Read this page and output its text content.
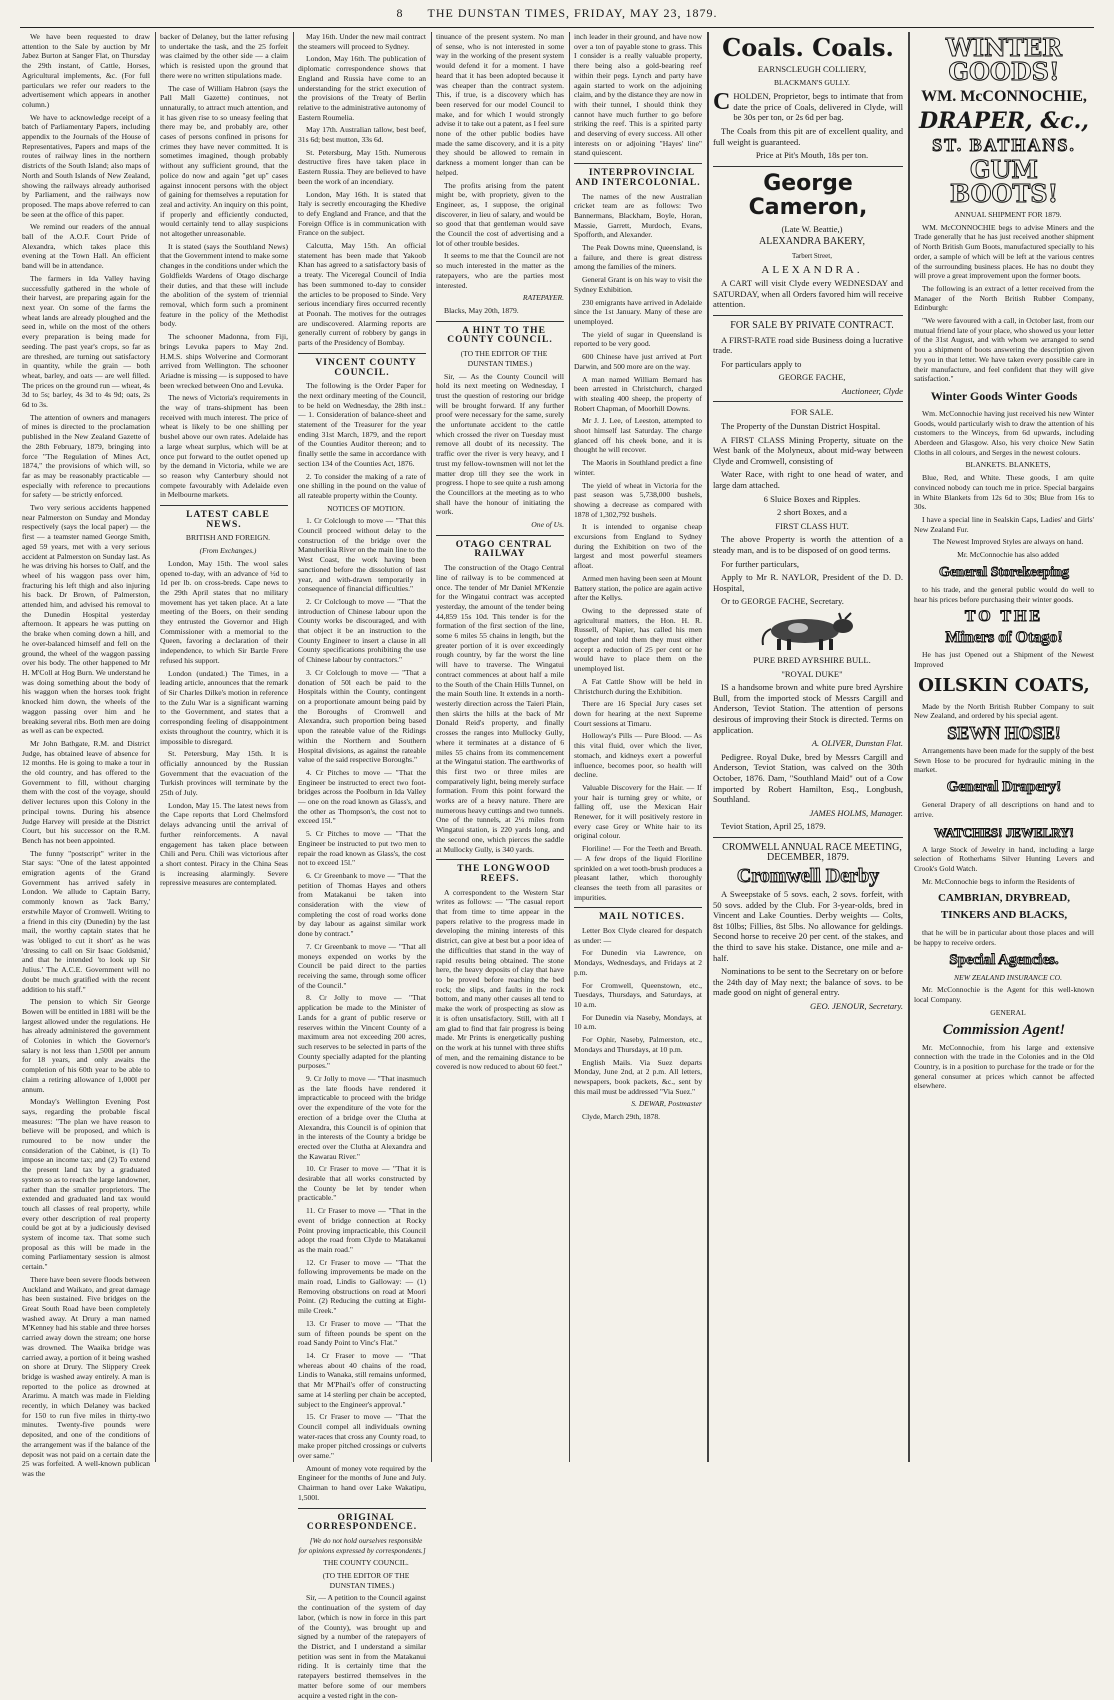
8 THE DUNSTAN TIMES, FRIDAY, MAY 23, 1879.

We have been requested to draw attention to the Sale by auction by Mr Jabez Burton at Sanger Flat, on Thursday the 29th instant, of Cattle, Horses, Agricultural implements, &c. (For full particulars we refer our readers to the advertisement which appears in another column.)

We have to acknowledge receipt of a batch of Parliamentary Papers, including appendix to the Journals of the House of Representatives, Papers and maps of the routes of railway lines in the northern districts of the South Island; also maps of North and South Islands of New Zealand, showing the railways already authorised by Parliament, and the railways now proposed. The maps above referred to can be seen at the office of this paper.

We remind our readers of the annual ball of the A.O.F. Court Pride of Alexandra, which takes place this evening at the Town Hall. An efficient band will be in attendance.

The farmers in Ida Valley having successfully gathered in the whole of their harvest, are preparing again for the next year. On some of the farms the wheat lands are already ploughed and the seed in, while on the most of the others every preparation is being made for seeding. The past year's crops, so far as are threshed, are turning out satisfactory in quantity, while the grain — both wheat, barley, and oats — are well filled. The prices on the ground run — wheat, 4s 3d to 5s; barley, 4s 3d to 4s 9d; oats, 2s 6d to 3s.

The attention of owners and managers of mines is directed to the proclamation published in the New Zealand Gazette of the 28th February, 1879, bringing into force "The Regulation of Mines Act, 1874," the provisions of which will, so far as may be reasonably practicable — especially with reference to precautions for safety — be strictly enforced.

Two very serious accidents happened near Palmerston on Sunday and Monday respectively (says the local paper) — the first — a teamster named George Smith, aged 59 years, met with a very serious accident at Palmerston on Sunday last. As he was driving his horses to Oalf, and the wheel of his waggon pass over him, fracturing his left thigh and also injuring his back. Dr Brown, of Palmerston, attended him, and advised his removal to the Dunedin Hospital yesterday afternoon. It appears he was putting on the brake when coming down a hill, and he over-balanced himself and fell on the ground, the wheel of the waggon passing over his body. The other happened to Mr H. M'Coll at Hog Burn. We understand he was doing something about the body of his waggon when the horses took fright knocked him down, the wheels of the waggon passing over him and he breaking several ribs. Both men are doing as well as can be expected.

Mr John Bathgate, R.M. and District Judge, has obtained leave of absence for 12 months. He is going to make a tour in the old country, and has offered to the Government to fill, without charging them with the cost of the voyage, should deliver lectures upon this Colony in the principal towns. During his absence Judge Harvey will preside at the District Court, but his successor on the R.M. Bench has not been appointed.

The funny "postscript" writer in the Star says: "One of the latest appointed emigration agents of the Grand Government has arrived safely in London. We allude to Captain Barry, commonly known as 'Jack Barry,' erstwhile Mayor of Cromwell. Writing to a friend in this city (Dunedin) by the last mail, the worthy captain states that he was 'obliged to cut it short' as he was 'dressing to call on Sir Isaac Goldsmid,' and that he intended 'to look up Sir Julius.' The A.C.E. Government will no doubt be much gratified with the recent addition to his staff."

The pension to which Sir George Bowen will be entitled in 1881 will be the largest allowed under the regulations. He has already administered the government of Colonies in which the Governor's salary is not less than 1,500l per annum for 18 years, and only awaits the completion of his 60th year to be able to claim a retiring allowance of 1,000l per annum.

Monday's Wellington Evening Post says, regarding the probable fiscal measures: "The plan we have reason to believe will be proposed, and which is rumoured to be now under the consideration of the Cabinet, is (1) To impose an income tax; and (2) To extend the present land tax by a graduated system so as to reach the large landowner, rather than the smaller proprietors. The extended and graduated land tax would touch all classes of real property, while every other description of real property could be got at by a judiciously devised system of income tax. That some such proposal as this will be made in the coming Parliamentary session is almost certain."

There have been severe floods between Auckland and Waikato, and great damage has been sustained. Five bridges on the Great South Road have been completely washed away. At Drury a man named M'Kenney had his stable and three horses carried away down the stream; one horse was drowned. The Waaika bridge was carried away, a portion of it being washed on shore at Drury. The Slippery Creek bridge is washed away entirely. A man is reported to the police as drowned at Ararimu. A match was made in Fielding recently, in which Delaney was backed for 150 to run five miles in thirty-two minutes. Twenty-five pounds were deposited, and one of the conditions of the arrangement was if the balance of the deposit was not paid on a certain date the 25 was forfeited. A well-known publican was the

backer of Delaney, but the latter refusing to undertake the task, and the 25 forfeit was claimed by the other side — a claim which is resisted upon the ground that there were no written stipulations made.

The case of William Habron (says the Pall Mall Gazette) continues, not unnaturally, to attract much attention, and it has given rise to so uneasy feeling that there may be, and probably are, other cases of persons confined in prisons for crimes they have never committed. It is sometimes imagined, though probably without any sufficient ground, that the police do now and again "get up" cases against innocent persons with the object of gaining for themselves a reputation for zeal and activity. An inquiry on this point, if properly and efficiently conducted, would certainly tend to allay suspicions not altogether unreasonable.

It is stated (says the Southland News) that the Government intend to make some changes in the conditions under which the Goldfields Wardens of Otago discharge their duties, and that these will include the abolition of the system of triennial removal, which form such a prominent feature in the policy of the Methodist body.

The schooner Madonna, from Fiji, brings Levuka papers to May 2nd. H.M.S. ships Wolverine and Cormorant arrived from Wellington. The schooner Ariadne is missing — is supposed to have been wrecked between Ono and Levuka.

The news of Victoria's requirements in the way of trans-shipment has been received with much interest. The price of wheat is likely to be one shilling per bushel above our own rates. Adelaide has a large wheat surplus, which will be at once put forward to the outlet opened up by the demand in Victoria, while we are so reason why Canterbury should not compete favourably with Adelaide even in Melbourne markets.

LATEST CABLE NEWS.

BRITISH AND FOREIGN.

(From Exchanges.)

London, May 15th. The wool sales opened to-day, with an advance of ½d to 1d per lb. on cross-breds. Cape news to the 29th April states that no military movement has yet taken place. At a late meeting of the Boers, on their sending they entrusted the Governor and High Commissioner with a memorial to the Queen, favoring a declaration of their independence, to which Sir Bartle Frere refused his support.

London (undated.) The Times, in a leading article, announces that the remark of Sir Charles Dilke's motion in reference to the Zulu War is a significant warning to the Government, and states that a corresponding feeling of disappointment exists throughout the country, which it is impossible to disregard.

St. Petersburg, May 15th. It is officially announced by the Russian Government that the evacuation of the Turkish provinces will terminate by the 25th of July.

London, May 15. The latest news from the Cape reports that Lord Chelmsford delays advancing until the arrival of further reinforcements. A naval engagement has taken place between Chili and Peru. Chili was victorious after a short contest. Piracy in the China Seas is increasing alarmingly. Severe repressive measures are contemplated.

May 16th. Under the new mail contract the steamers will proceed to Sydney.

London, May 16th. The publication of diplomatic correspondence shows that England and Russia have come to an understanding for the strict execution of the provisions of the Treaty of Berlin relative to the administrative autonomy of Eastern Roumelia.

May 17th. Australian tallow, best beef, 31s 6d; best mutton, 33s 6d.

St. Petersburg, May 15th. Numerous destructive fires have taken place in Eastern Russia. They are believed to have been the work of an incendiary.

London, May 16th. It is stated that Italy is secretly encouraging the Khedive to defy England and France, and that the Foreign Office is in communication with France on the subject.

Calcutta, May 15th. An official statement has been made that Yakoob Khan has agreed to a satisfactory basis of a treaty. The Viceregal Council of India has been summoned to-day to consider the articles to be proposed to Sinde. Very serious incendiary fires occurred recently at Poonah. The motives for the outrages are undiscovered. Alarming reports are generally current of robbery by gangs in parts of the Presidency of Bombay.

VINCENT COUNTY COUNCIL.

The following is the Order Paper for the next ordinary meeting of the Council, to be held on Wednesday, the 28th inst.: — 1. Consideration of balance-sheet and statement of the Treasurer for the year ending 31st March, 1879, and the report of the Counties Auditor thereon; and to finally settle the same in accordance with section 134 of the Counties Act, 1876.

2. To consider the making of a rate of one shilling in the pound on the value of all rateable property within the County.

NOTICES OF MOTION.

1. Cr Colclough to move — "That this Council proceed without delay to the construction of the bridge over the Manuherikia River on the main line to the West Coast, the work having been sanctioned before the dissolution of last year, and with-drawn temporarily in consequence of financial difficulties."

2. Cr Colclough to move — "That the introduction of Chinese labour upon the County works be discouraged, and with that object it be an instruction to the County Engineer to insert a clause in all County specifications prohibiting the use of Chinese labour by contractors."

3. Cr Colclough to move — "That a donation of 50l each be paid to the Hospitals within the County, contingent on a proportionate amount being paid by the Boroughs of Cromwell and Alexandra, such proportion being based upon the rateable value of the Ridings within the Northern and Southern Hospital divisions, as against the rateable value of the said respective Boroughs."

4. Cr Pitches to move — "That the Engineer be instructed to erect two foot-bridges across the Poolburn in Ida Valley — one on the road known as Glass's, and the other as Thompson's, the cost not to exceed 15l."

5. Cr Pitches to move — "That the Engineer be instructed to put two men to repair the road known as Glass's, the cost not to exceed 15l."

6. Cr Greenbank to move — "That the petition of Thomas Hayes and others from Matakanui be taken into consideration with the view of completing the cost of road works done by day labour as against similar work done by contract."

7. Cr Greenbank to move — "That all moneys expended on works by the Council be paid direct to the parties receiving the same, through some officer of the Council."

8. Cr Jolly to move — "That application be made to the Minister of Lands for a grant of public reserve or reserves within the Vincent County of a maximum area not exceeding 200 acres, such reserves to be selected in parts of the County specially adapted for the planting purposes."

9. Cr Jolly to move — "That inasmuch as the late floods have rendered it impracticable to proceed with the bridge over the expenditure of the vote for the erection of a bridge over the Clutha at Alexandra, this Council is of opinion that in the interests of the County a bridge be erected over the Clutha at Alexandra and the Kawarau River."

10. Cr Fraser to move — "That it is desirable that all works constructed by the County be let by tender when practicable."

11. Cr Fraser to move — "That in the event of bridge connection at Rocky Point proving impracticable, this Council adopt the road from Clyde to Matakanui as the main road."

12. Cr Fraser to move — "That the following improvements be made on the main road, Lindis to Galloway: — (1) Removing obstructions on road at Moori Point. (2) Reducing the cutting at Eight-mile Creek."

13. Cr Fraser to move — "That the sum of fifteen pounds be spent on the road Sandy Point to Vinc's Flat."

14. Cr Fraser to move — "That whereas about 40 chains of the road, Lindis to Wanaka, still remains unformed, that Mr M'Phail's offer of constructing same at 14 sterling per chain be accepted, subject to the Engineer's approval."

15. Cr Fraser to move — "That the Council compel all individuals owning water-races that cross any County road, to make proper pitched crossings or culverts over same."

Amount of money vote required by the Engineer for the months of June and July. Chairman to hand over Lake Wakatipu, 1,500l.

ORIGINAL CORRESPONDENCE.

[We do not hold ourselves responsible for opinions expressed by correspondents.]

THE COUNTY COUNCIL.

(TO THE EDITOR OF THE DUNSTAN TIMES.)

Sir, — A petition to the Council against the continuation of the system of day labor, (which is now in force in this part of the County), was brought up and signed by a number of the ratepayers of the District, and I understand a similar petition was sent in from the Matakanui riding. It is certainly time that the ratepayers bestirred themselves in the matter before some of our members acquire a vested right in the con-

tinuance of the present system. No man of sense, who is not interested in some way in the working of the present system would defend it for a moment. I have heard that it has been adopted because it was cheaper than the contract system. This, if true, is a discovery which has been reserved for our model Council to make, and for which I would strongly advise it to take out a patent, as I feel sure none of the other public bodies have made the same discovery, and it is a pity they should be allowed to remain in darkness a moment longer than can be helped.

The profits arising from the patent might be, with propriety, given to the Engineer, as, I suppose, the original discoverer, in lieu of salary, and would be so good that that gentleman would save the Council the cost of advertising and a lot of other trouble besides.

It seems to me that the Council are not so much interested in the matter as the ratepayers, who are the parties most interested.

RATEPAYER.

Blacks, May 20th, 1879.

A HINT TO THE COUNTY COUNCIL.

(TO THE EDITOR OF THE DUNSTAN TIMES.)

Sir, — As the County Council will hold its next meeting on Wednesday, I trust the question of restoring our bridge will be brought forward. If any further proof were necessary for the same, surely the unfortunate accident to the cattle which crossed the river on Tuesday must remove all doubt of its necessity. The traffic over the river is very heavy, and I trust my fellow-townsmen will not let the matter drop till they see the work in progress. I hope to see quite a rush among the Councillors at the meeting as to who shall have the honour of initiating the work.

One of Us.

OTAGO CENTRAL RAILWAY

The construction of the Otago Central line of railway is to be commenced at once. The tender of Mr Daniel M'Kenzie for the Wingatui contract was accepted yesterday, the amount of the tender being 44,859 15s 10d. This tender is for the formation of the first section of the line, some 6 miles 55 chains in length, but the greater portion of it is over exceedingly rough country, by far the worst the line will have to traverse. The Wingatui contract commences at about half a mile to the South of the Chain Hills Tunnel, on the main South line. It extends in a north-westerly direction across the Taieri Plain, then skirts the hills at the back of Mr Donald Reid's property, and finally crosses the ranges into Mullocky Gully, where it terminates at a distance of 6 miles 55 chains from its commencement at the Wingatui station. The earthworks of this first two or three miles are comparatively light, being merely surface formation. From this point forward the works are of a heavy nature. There are numerous heavy cuttings and two tunnels. One of the tunnels, at 2¼ miles from Wingatui station, is 220 yards long, and the second one, which pierces the saddle at Mullocky Gully, is 340 yards.

THE LONGWOOD REEFS.

A correspondent to the Western Star writes as follows: — "The casual report that from time to time appear in the papers relative to the progress made in developing the mining interests of this district, can give at best but a poor idea of the difficulties that stand in the way of rapid results being obtained. The stone here, the heavy deposits of clay that have to be proved before reaching the bed rock; the slips, and faults in the rock bottom, and many other causes all tend to make the work of prospecting as slow as it is often unsatisfactory. Still, with all I am glad to find that fair progress is being made. Mr Prints is energetically pushing on the work at his tunnel with three shifts of men, and the remaining distance to be covered is now reduced to about 60 feet."

inch leader in their ground, and have now over a ton of payable stone to grass. This I consider is a really valuable property, there being also a gold-bearing reef within their pegs. Lynch and party have again started to work on the adjoining claim, and by the distance they are now in with their tunnel, I should think they cannot have much further to go before striking the reef. This is a spirited party and deserving of every success. All other interests on or adjoining "Hayes' line" stand quiescent.

INTERPROVINCIAL AND INTERCOLONIAL.

The names of the new Australian cricket team are as follows: Two Bannermans, Blackham, Boyle, Horan, Massie, Garrett, Murdoch, Evans, Spofforth, and Alexander.

The Peak Downs mine, Queensland, is a failure, and there is great distress among the families of the miners.

General Grant is on his way to visit the Sydney Exhibition.

230 emigrants have arrived in Adelaide since the 1st January. Many of these are unemployed.

The yield of sugar in Queensland is reported to be very good.

600 Chinese have just arrived at Port Darwin, and 500 more are on the way.

A man named William Bernard has been arrested in Christchurch, charged with stealing 400 sheep, the property of Robert Chapman, of Moorhill Downs.

Mr J. J. Lee, of Leeston, attempted to shoot himself last Saturday. The charge glanced off his cheek bone, and it is thought he will recover.

The Maoris in Southland predict a fine winter.

The yield of wheat in Victoria for the past season was 5,738,000 bushels, showing a decrease as compared with 1878 of 1,302,792 bushels.

It is intended to organise cheap excursions from England to Sydney during the Exhibition on two of the largest and most powerful steamers afloat.

Armed men having been seen at Mount Battery station, the police are again active after the Kellys.

Owing to the depressed state of agricultural matters, the Hon. H. R. Russell, of Napier, has called his men together and told them they must either accept a reduction of 25 per cent or he would have to place them on the unemployed list.

A Fat Cattle Show will be held in Christchurch during the Exhibition.

There are 16 Special Jury cases set down for hearing at the next Supreme Court sessions at Timaru.

Holloway's Pills — Pure Blood. — As this vital fluid, over which the liver, stomach, and kidneys exert a powerful influence, becomes poor, so health will decline.

Valuable Discovery for the Hair. — If your hair is turning grey or white, or falling off, use the Mexican Hair Renewer, for it will positively restore in every case Grey or White hair to its original colour.

Floriline! — For the Teeth and Breath. — A few drops of the liquid Floriline sprinkled on a wet tooth-brush produces a pleasant lather, which thoroughly cleanses the teeth from all parasites or impurities.

MAIL NOTICES.

Letter Box Clyde cleared for despatch as under: —

For Dunedin via Lawrence, on Mondays, Wednesdays, and Fridays at 2 p.m.

For Cromwell, Queenstown, etc., Tuesdays, Thursdays, and Saturdays, at 10 a.m.

For Dunedin via Naseby, Mondays, at 10 a.m.

For Ophir, Naseby, Palmerston, etc., Mondays and Thursdays, at 10 p.m.

English Mails. Via Suez departs Monday, June 2nd, at 2 p.m. All letters, newspapers, book packets, &c., sent by this mail must be addressed "Via Suez."

S. DEWAR, Postmaster

Clyde, March 29th, 1878.

Coals. Coals.

EARNSCLEUGH COLLIERY,

BLACKMAN'S GULLY.

CHOLDEN, Proprietor, begs to intimate that from date the price of Coals, delivered in Clyde, will be 30s per ton, or 2s 6d per bag.

The Coals from this pit are of excellent quality, and full weight is guaranteed.

Price at Pit's Mouth, 18s per ton.

George Cameron,

(Late W. Beattie,)

ALEXANDRA BAKERY,

Tarbert Street,

ALEXANDRA.

A CART will visit Clyde every WEDNESDAY and SATURDAY, when all Orders favored him will receive attention.

FOR SALE BY PRIVATE CONTRACT.

A FIRST-RATE road side Business doing a lucrative trade.

For particulars apply to

GEORGE FACHE,

Auctioneer, Clyde

FOR SALE.

The Property of the Dunstan District Hospital.

A FIRST CLASS Mining Property, situate on the West bank of the Molyneux, about mid-way between Clyde and Cromwell, consisting of

Water Race, with right to one head of water, and large dam attached.

6 Sluice Boxes and Ripples.

2 short Boxes, and a

FIRST CLASS HUT.

The above Property is worth the attention of a steady man, and is to be disposed of on good terms.

For further particulars,

Apply to Mr R. NAYLOR, President of the D. D. Hospital,

Or to GEORGE FACHE, Secretary.

PURE BRED AYRSHIRE BULL.

"ROYAL DUKE"

IS a handsome brown and white pure bred Ayrshire Bull, from the imported stock of Messrs Cargill and Anderson, Teviot Station. The attention of persons desirous of improving their Stock is directed. Terms on application.

A. OLIVER, Dunstan Flat.

Pedigree. Royal Duke, bred by Messrs Cargill and Anderson, Teviot Station, was calved on the 30th October, 1876. Dam, "Southland Maid" out of a Cow imported by Robert Hamilton, Esq., Longbush, Southland.

JAMES HOLMS, Manager.

Teviot Station, April 25, 1879.

CROMWELL ANNUAL RACE MEETING, DECEMBER, 1879.

Cromwell Derby

A Sweepstake of 5 sovs. each, 2 sovs. forfeit, with 50 sovs. added by the Club. For 3-year-olds, bred in Vincent and Lake Counties. Derby weights — Colts, 8st 10lbs; Fillies, 8st 5lbs. No allowance for geldings. Second horse to receive 20 per cent. of the stakes, and the third to save his stake. Distance, one mile and a-half.

Nominations to be sent to the Secretary on or before the 24th day of May next; the balance of sovs. to be made good on night of general entry.

GEO. JENOUR, Secretary.

WINTER GOODS!
WM. McCONNOCHIE,
DRAPER, &c.,
ST. BATHANS.
GUM BOOTS!

ANNUAL SHIPMENT FOR 1879.

WM. McCONNOCHIE begs to advise Miners and the Trade generally that he has just received another shipment of North British Gum Boots, manufactured specially to his order, a sample of which will be left at the various centres of the surrounding business places. He has no doubt they will prove a great improvement upon the former boots.

The following is an extract of a letter received from the Manager of the North British Rubber Company, Edinburgh:

"We were favoured with a call, in October last, from our mutual friend late of your place, who showed us your letter of the 31st August, and with whom we arranged to send you a shipment of boots answering the description given by you in that letter. We have taken every possible care in their manufacture, and feel confident that they will give satisfaction."

Winter Goods Winter Goods

Wm. McConnochie having just received his new Winter Goods, would particularly wish to draw the attention of his customers to the Winceys, from 6d upwards, including Aberdeen and Glasgow. Also, his very choice New Satin Cloths in all colours, and Serges in the newest colours.

BLANKETS. BLANKETS,

Blue, Red, and White. These goods, I am quite convinced nobody can touch me in price. Special bargains in White Blankets from 12s 6d to 30s; Blue from 16s to 30s.

I have a special line in Sealskin Caps, Ladies' and Girls' New Zealand Fur.

The Newest Improved Styles are always on hand.

Mr. McConnochie has also added

General Storekeeping

to his trade, and the general public would do well to hear his prices before purchasing their winter goods.

TO THE
Miners of Otago!

He has just Opened out a Shipment of the Newest Improved

OILSKIN COATS,

Made by the North British Rubber Company to suit New Zealand, and ordered by his special agent.

SEWN HOSE!

Arrangements have been made for the supply of the best Sewn Hose to be procured for hydraulic mining in the market.

General Drapery!

General Drapery of all descriptions on hand and to arrive.

WATCHES! JEWELRY!

A large Stock of Jewelry in hand, including a large selection of Rotherhams Silver Hunting Levers and Crook's Gold Watch.

Mr. McConnochie begs to inform the Residents of

CAMBRIAN, DRYBREAD, TINKERS AND BLACKS,

that he will be in particular about those places and will be happy to receive orders.

Special Agencies.

NEW ZEALAND INSURANCE CO.

Mr. McConnochie is the Agent for this well-known local Company.

GENERAL

Commission Agent!

Mr. McConnochie, from his large and extensive connection with the trade in the Colonies and in the Old Country, is in a position to purchase for the trade or for the general consumer at prices which cannot be affected elsewhere.
